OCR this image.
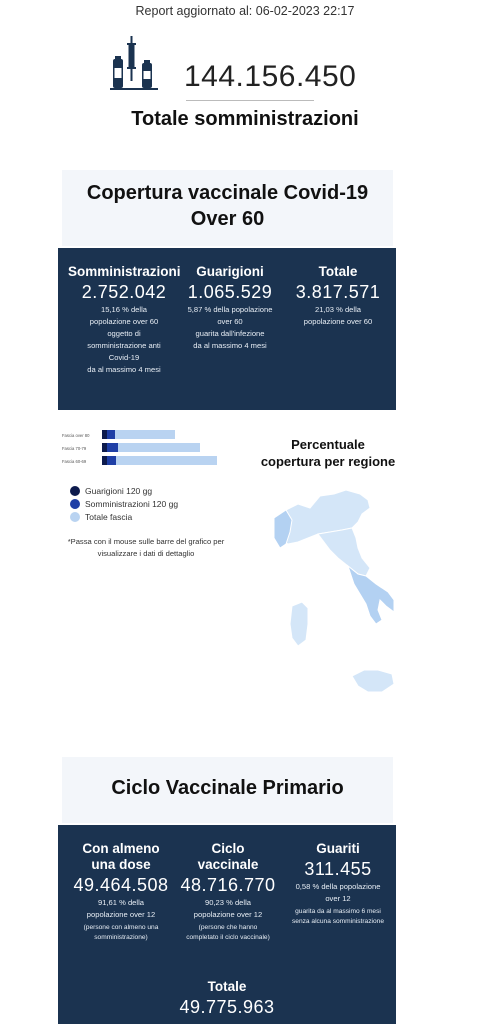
Report aggiornato al: 06-02-2023 22:17
144.156.450
Totale somministrazioni
Copertura vaccinale Covid-19
Over 60
Somministrazioni
2.752.042
15,16 % della
popolazione over 60
oggetto di
somministrazione anti
Covid-19
da al massimo 4 mesi
Guarigioni
1.065.529
5,87 % della popolazione
over 60
guarita dall'infezione
da al massimo 4 mesi
Totale
3.817.571
21,03 % della
popolazione over 60
Fascia over 80
Fascia 70-79
Fascia 60-69
Guarigioni 120 gg
Somministrazioni 120 gg
Totale fascia
*Passa con il mouse sulle barre del grafico per
visualizzare i dati di dettaglio
Percentuale
copertura per regione
Ciclo Vaccinale Primario
Con almeno
una dose
49.464.508
91,61 % della
popolazione over 12
(persone con almeno una
somministrazione)
Ciclo
vaccinale
48.716.770
90,23 % della
popolazione over 12
(persone che hanno
completato il ciclo vaccinale)
Guariti
311.455
0,58 % della popolazione
over 12
guarita da al massimo 6 mesi
senza alcuna somministrazione
Totale
49.775.963
